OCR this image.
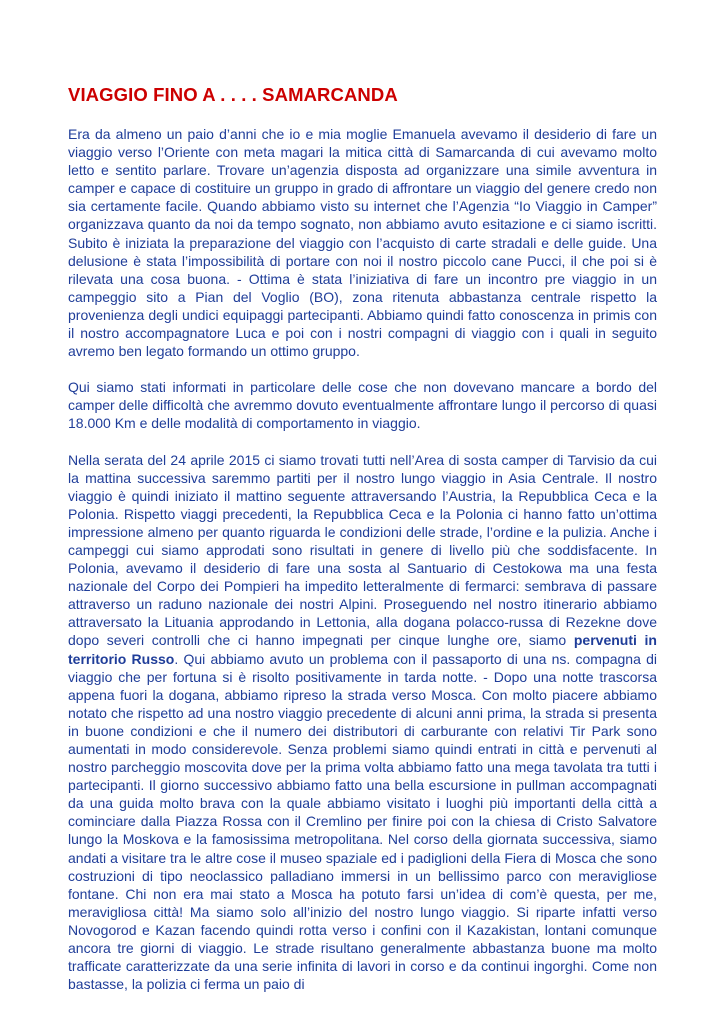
VIAGGIO FINO A . . . . SAMARCANDA

Era da almeno un paio d’anni che io e mia moglie Emanuela avevamo il desiderio di fare un viaggio verso l’Oriente con meta magari la mitica città di Samarcanda di cui avevamo molto letto e sentito parlare. Trovare un’agenzia disposta ad organizzare una simile avventura in camper e capace di costituire un gruppo in grado di affrontare un viaggio del genere credo non sia certamente facile. Quando abbiamo visto su internet che l’Agenzia “Io Viaggio in Camper” organizzava quanto da noi da tempo sognato, non abbiamo avuto esitazione e ci siamo iscritti. Subito è iniziata la preparazione del viaggio con l’acquisto di carte stradali e delle guide. Una delusione è stata l’impossibilità di portare con noi il nostro piccolo cane Pucci, il che poi si è rilevata una cosa buona. - Ottima è stata l’iniziativa di fare un incontro pre viaggio in un campeggio sito a Pian del Voglio (BO), zona ritenuta abbastanza centrale rispetto la provenienza degli undici equipaggi partecipanti. Abbiamo quindi fatto conoscenza in primis con il nostro accompagnatore Luca e poi con i nostri compagni di viaggio con i quali in seguito avremo ben legato formando un ottimo gruppo.

Qui siamo stati informati in particolare delle cose che non dovevano mancare a bordo del camper delle difficoltà che avremmo dovuto eventualmente affrontare lungo il percorso di quasi 18.000 Km e delle modalità di comportamento in viaggio.

Nella serata del 24 aprile 2015 ci siamo trovati tutti nell’Area di sosta camper di Tarvisio da cui la mattina successiva saremmo partiti per il nostro lungo viaggio in Asia Centrale. Il nostro viaggio è quindi iniziato il mattino seguente attraversando l’Austria, la Repubblica Ceca e la Polonia. Rispetto viaggi precedenti, la Repubblica Ceca e la Polonia ci hanno fatto un’ottima impressione almeno per quanto riguarda le condizioni delle strade, l’ordine e la pulizia. Anche i campeggi cui siamo approdati sono risultati in genere di livello più che soddisfacente. In Polonia, avevamo il desiderio di fare una sosta al Santuario di Cestokowa ma una festa nazionale del Corpo dei Pompieri ha impedito letteralmente di fermarci: sembrava di passare attraverso un raduno nazionale dei nostri Alpini. Proseguendo nel nostro itinerario abbiamo attraversato la Lituania approdando in Lettonia, alla dogana polacco-russa di Rezekne dove dopo severi controlli che ci hanno impegnati per cinque lunghe ore, siamo pervenuti in territorio Russo. Qui abbiamo avuto un problema con il passaporto di una ns. compagna di viaggio che per fortuna si è risolto positivamente in tarda notte. - Dopo una notte trascorsa appena fuori la dogana, abbiamo ripreso la strada verso Mosca. Con molto piacere abbiamo notato che rispetto ad una nostro viaggio precedente di alcuni anni prima, la strada si presenta in buone condizioni e che il numero dei distributori di carburante con relativi Tir Park sono aumentati in modo considerevole. Senza problemi siamo quindi entrati in città e pervenuti al nostro parcheggio moscovita dove per la prima volta abbiamo fatto una mega tavolata tra tutti i partecipanti. Il giorno successivo abbiamo fatto una bella escursione in pullman accompagnati da una guida molto brava con la quale abbiamo visitato i luoghi più importanti della città a cominciare dalla Piazza Rossa con il Cremlino per finire poi con la chiesa di Cristo Salvatore lungo la Moskova e la famosissima metropolitana. Nel corso della giornata successiva, siamo andati a visitare tra le altre cose il museo spaziale ed i padiglioni della Fiera di Mosca che sono costruzioni di tipo neoclassico palladiano immersi in un bellissimo parco con meravigliose fontane. Chi non era mai stato a Mosca ha potuto farsi un’idea di com’è questa, per me, meravigliosa città! Ma siamo solo all’inizio del nostro lungo viaggio. Si riparte infatti verso Novogorod e Kazan facendo quindi rotta verso i confini con il Kazakistan, lontani comunque ancora tre giorni di viaggio. Le strade risultano generalmente abbastanza buone ma molto trafficate caratterizzate da una serie infinita di lavori in corso e da continui ingorghi. Come non bastasse, la polizia ci ferma un paio di
